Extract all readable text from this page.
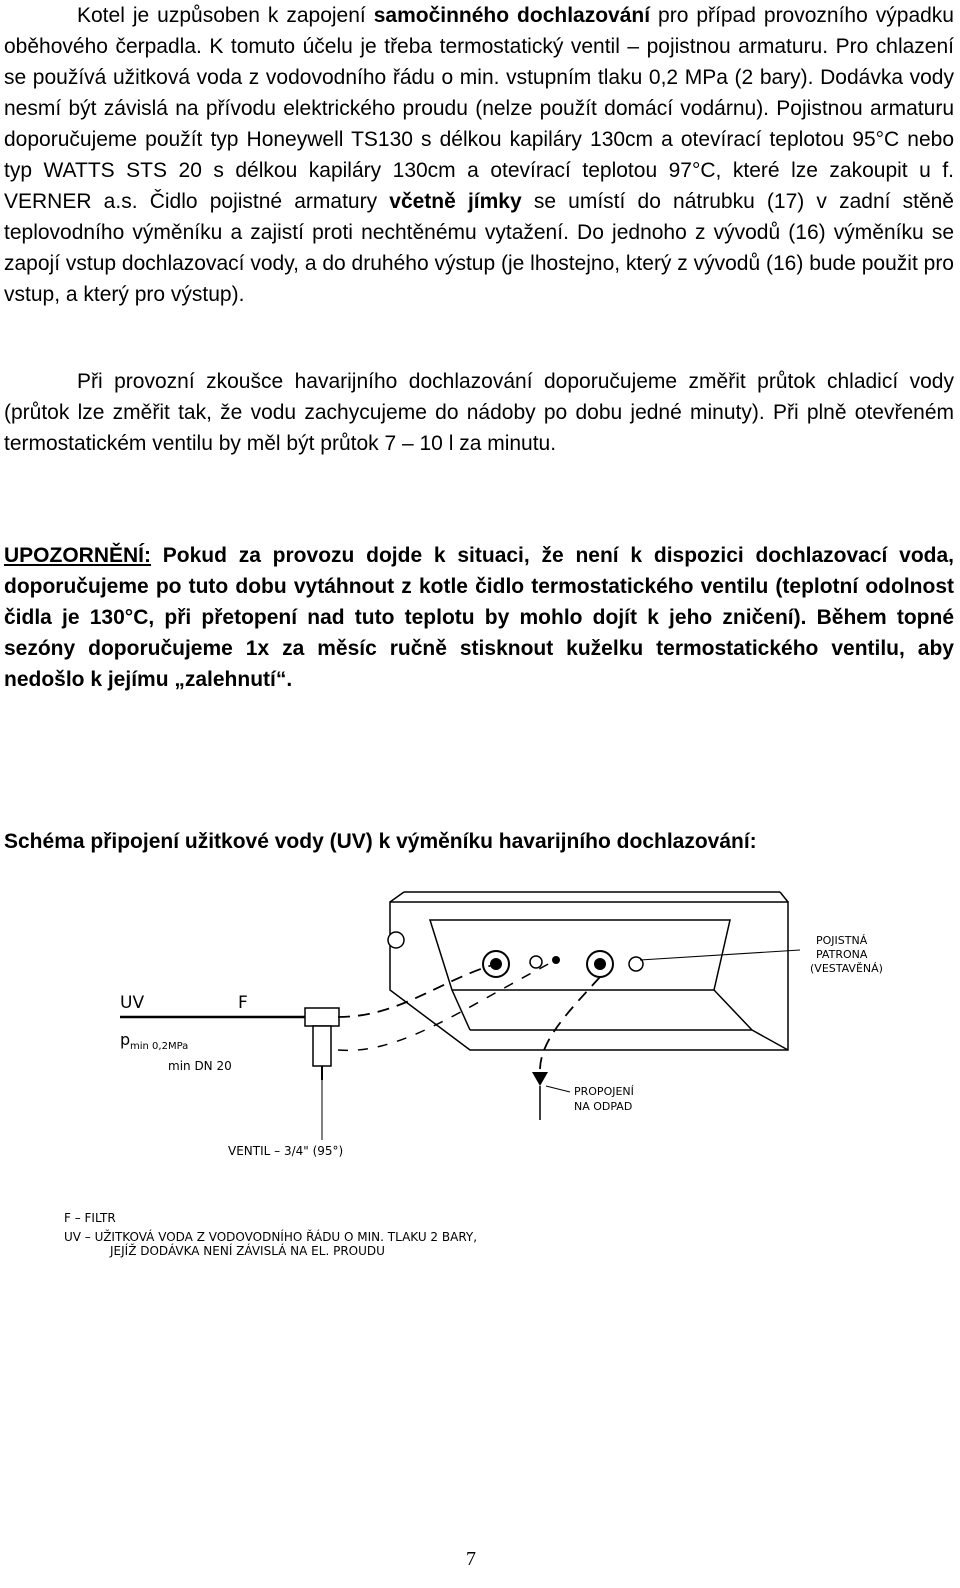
Kotel je uzpůsoben k zapojení samočinného dochlazování pro případ provozního výpadku oběhového čerpadla. K tomuto účelu je třeba termostatický ventil – pojistnou armaturu. Pro chlazení se používá užitková voda z vodovodního řádu o min. vstupním tlaku 0,2 MPa (2 bary). Dodávka vody nesmí být závislá na přívodu elektrického proudu (nelze použít domácí vodárnu). Pojistnou armaturu doporučujeme použít typ Honeywell TS130 s délkou kapiláry 130cm a otevírací teplotou 95°C nebo typ WATTS STS 20 s délkou kapiláry 130cm a otevírací teplotou 97°C, které lze zakoupit u f. VERNER a.s. Čidlo pojistné armatury včetně jímky se umístí do nátrubku (17) v zadní stěně teplovodního výměníku a zajistí proti nechtěnému vytažení. Do jednoho z vývodů (16) výměníku se zapojí vstup dochlazovací vody, a do druhého výstup (je lhostejno, který z vývodů (16) bude použit pro vstup, a který pro výstup).

Při provozní zkoušce havarijního dochlazování doporučujeme změřit průtok chladicí vody (průtok lze změřit tak, že vodu zachycujeme do nádoby po dobu jedné minuty). Při plně otevřeném termostatickém ventilu by měl být průtok 7 – 10 l za minutu.

UPOZORNĚNÍ: Pokud za provozu dojde k situaci, že není k dispozici dochlazovací voda, doporučujeme po tuto dobu vytáhnout z kotle čidlo termostatického ventilu (teplotní odolnost čidla je 130°C, při přetopení nad tuto teplotu by mohlo dojít k jeho zničení). Během topné sezóny doporučujeme 1x za měsíc ručně stisknout kuželku termostatického ventilu, aby nedošlo k jejímu „zalehnutí“.

Schéma připojení užitkové vody (UV) k výměníku havarijního dochlazování:

UV	F
p min 0,2MPa
min DN 20
POJISTNÁ
PATRONA
(VESTAVĚNÁ)
PROPOJENÍ
NA ODPAD
VENTIL – 3/4" (95°)
F – FILTR
UV – UŽITKOVÁ VODA Z VODOVODNÍHO ŘÁDU O MIN. TLAKU 2 BARY,
JEJÍŽ DODÁVKA NENÍ ZÁVISLÁ NA EL. PROUDU
7
